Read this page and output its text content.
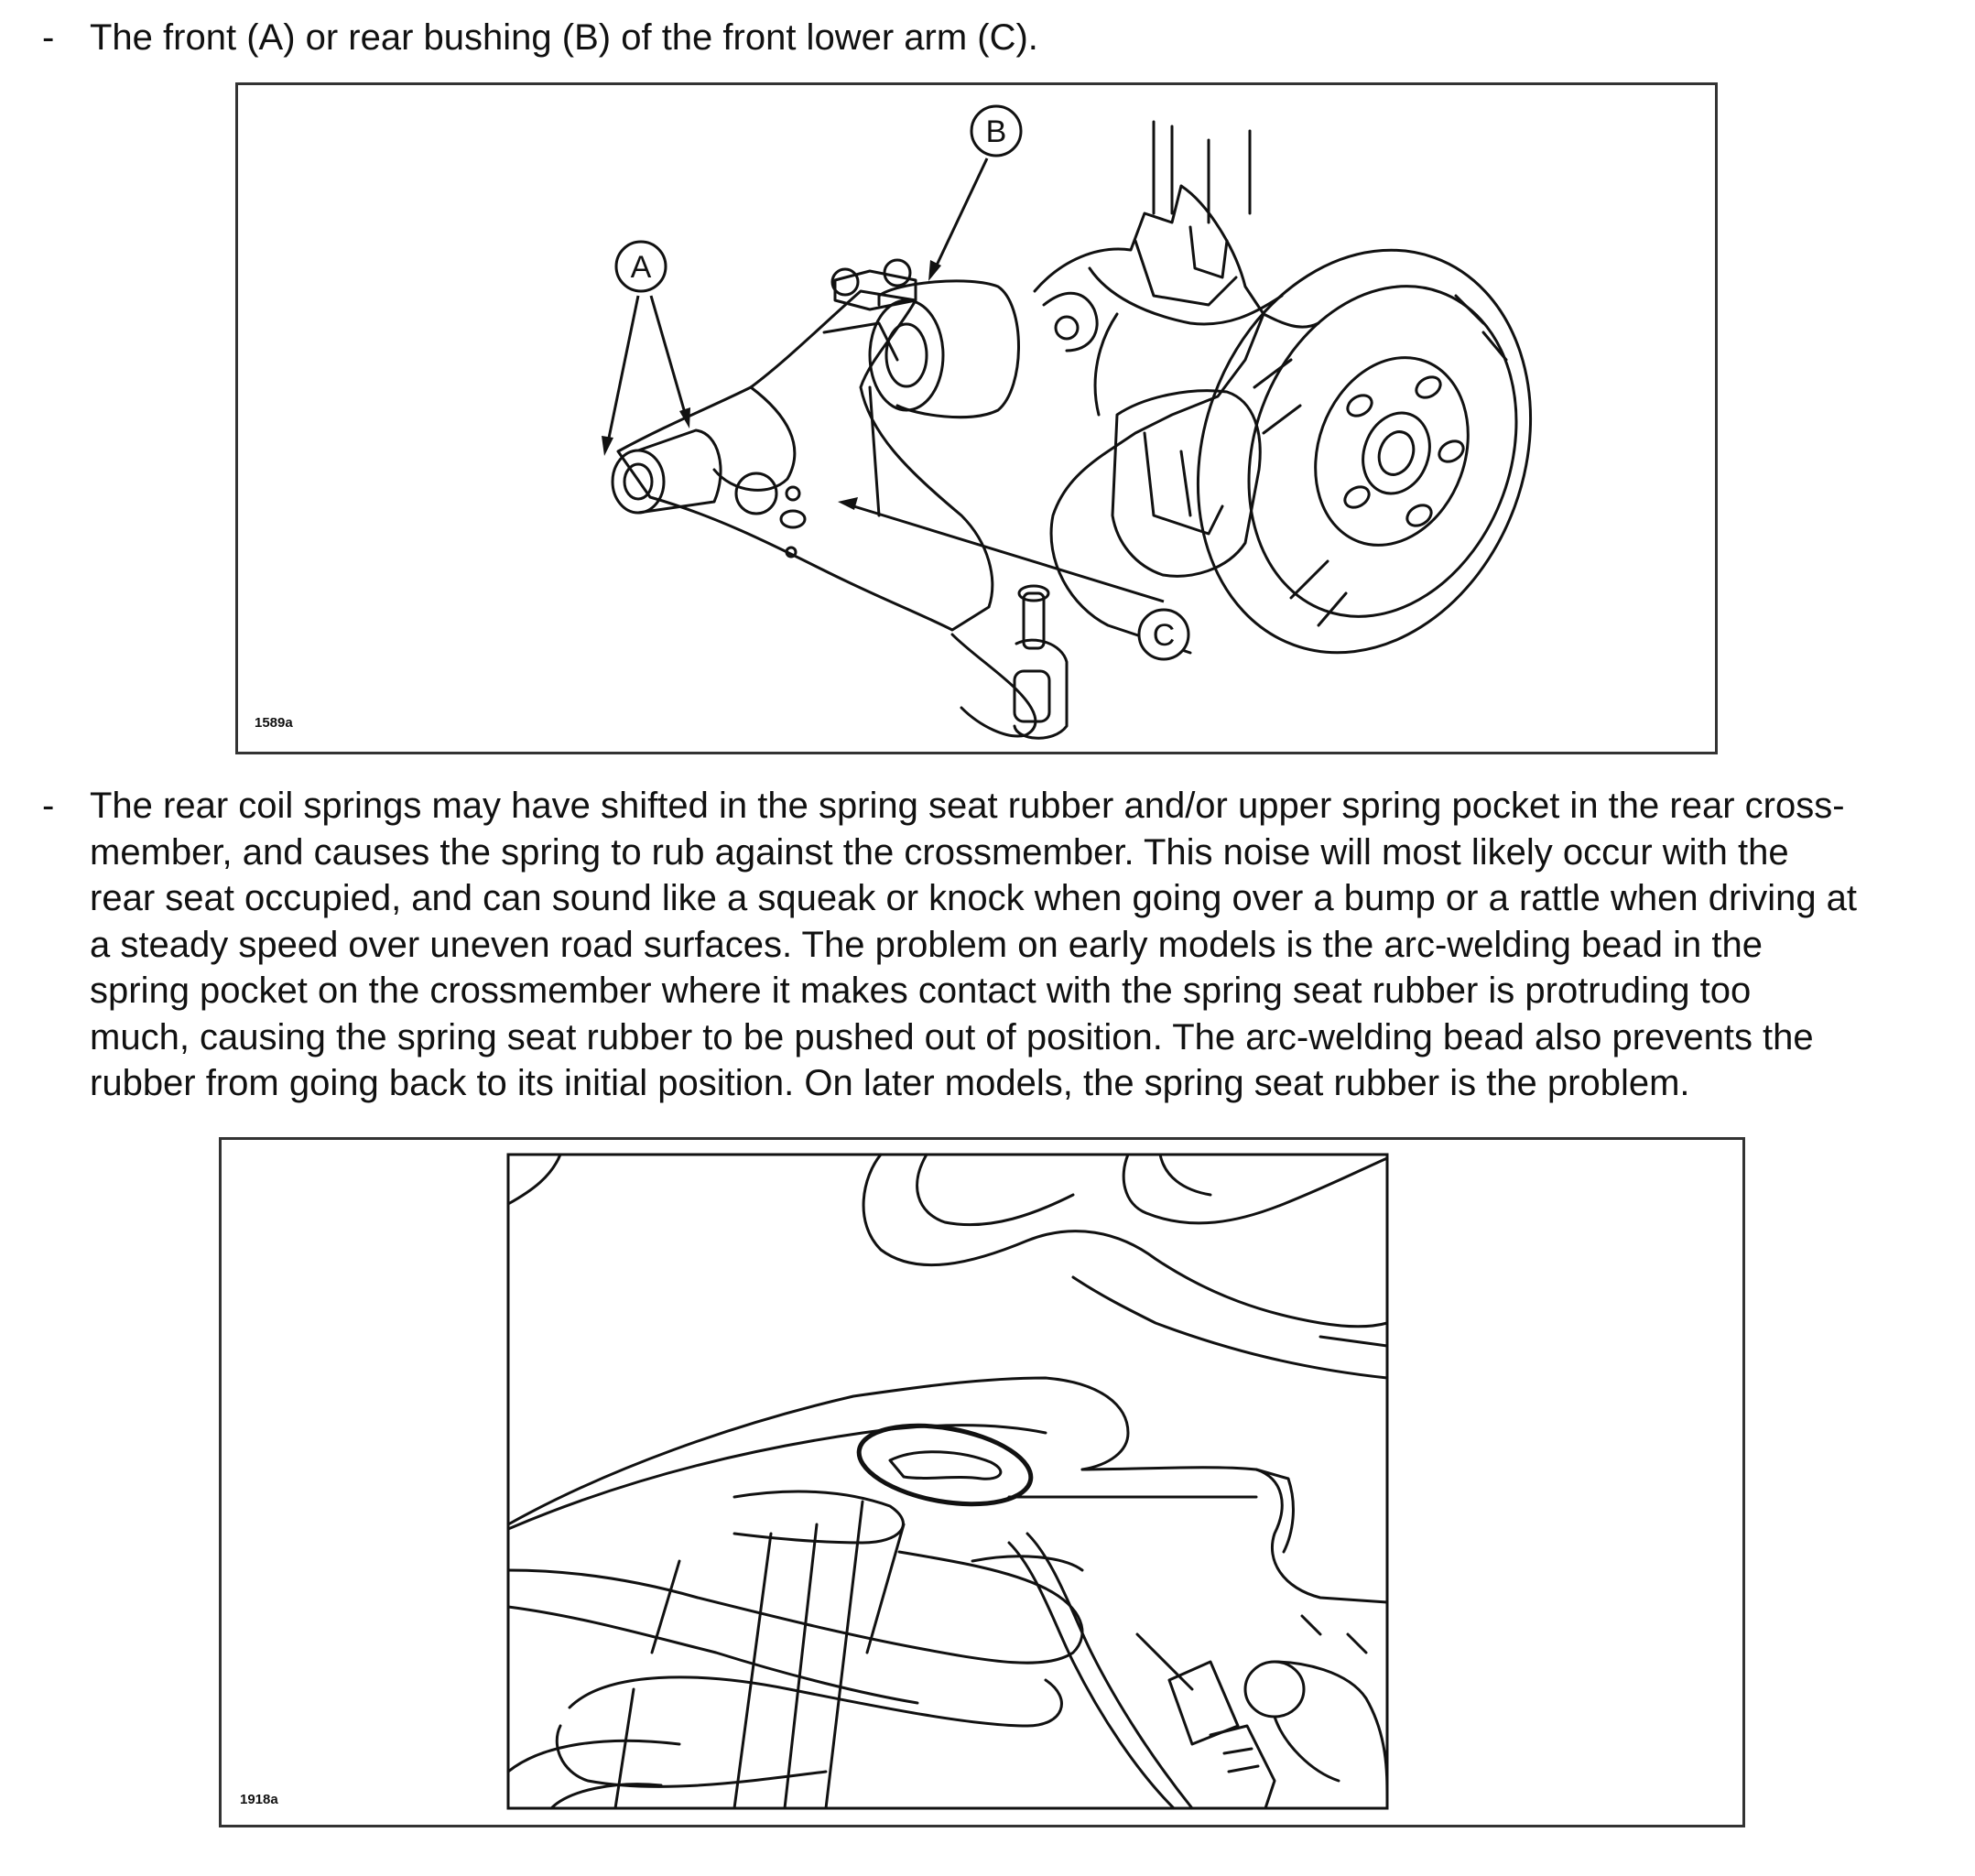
- The front (A) or rear bushing (B) of the front lower arm (C).
A
B
C
1589a
- The rear coil springs may have shifted in the spring seat rubber and/or upper spring pocket in the rear cross-
member, and causes the spring to rub against the crossmember. This noise will most likely occur with the
rear seat occupied, and can sound like a squeak or knock when going over a bump or a rattle when driving at
a steady speed over uneven road surfaces. The problem on early models is the arc-welding bead in the
spring pocket on the crossmember where it makes contact with the spring seat rubber is protruding too
much, causing the spring seat rubber to be pushed out of position. The arc-welding bead also prevents the
rubber from going back to its initial position. On later models, the spring seat rubber is the problem.
1918a
